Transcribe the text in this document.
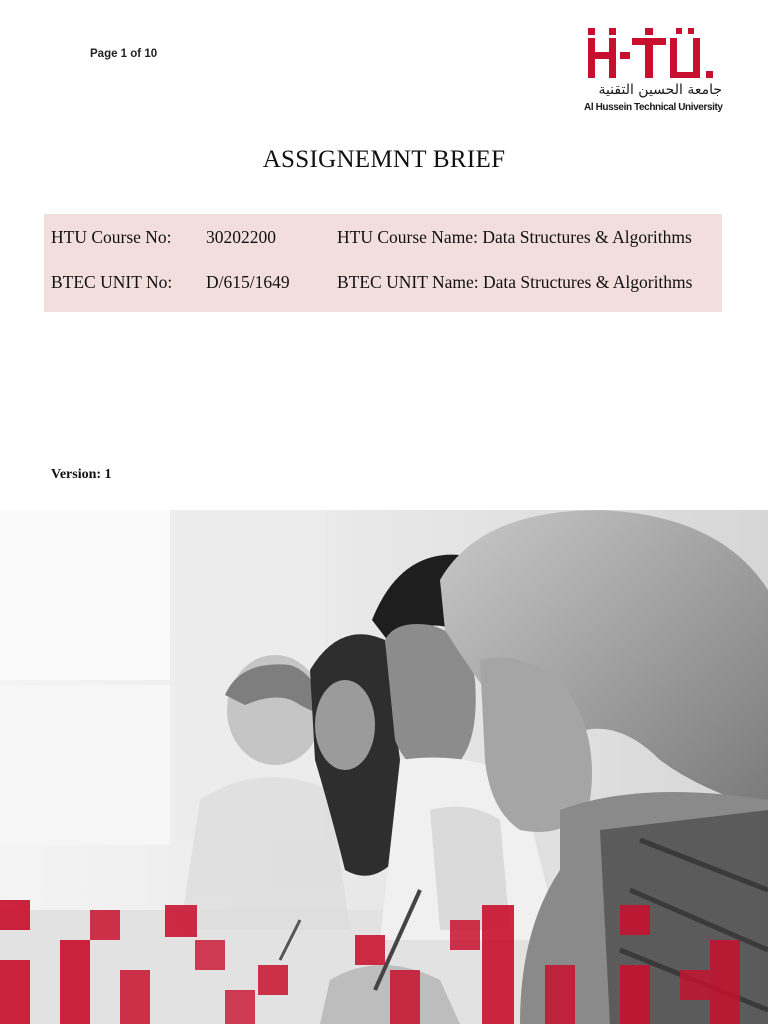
Page 1 of 10
جامعة الحسين التقنية
Al Hussein Technical University
ASSIGNEMNT BRIEF
HTU Course No: 30202200	HTU Course Name: Data Structures & Algorithms
BTEC UNIT No: D/615/1649	BTEC UNIT Name: Data Structures & Algorithms
Version: 1
